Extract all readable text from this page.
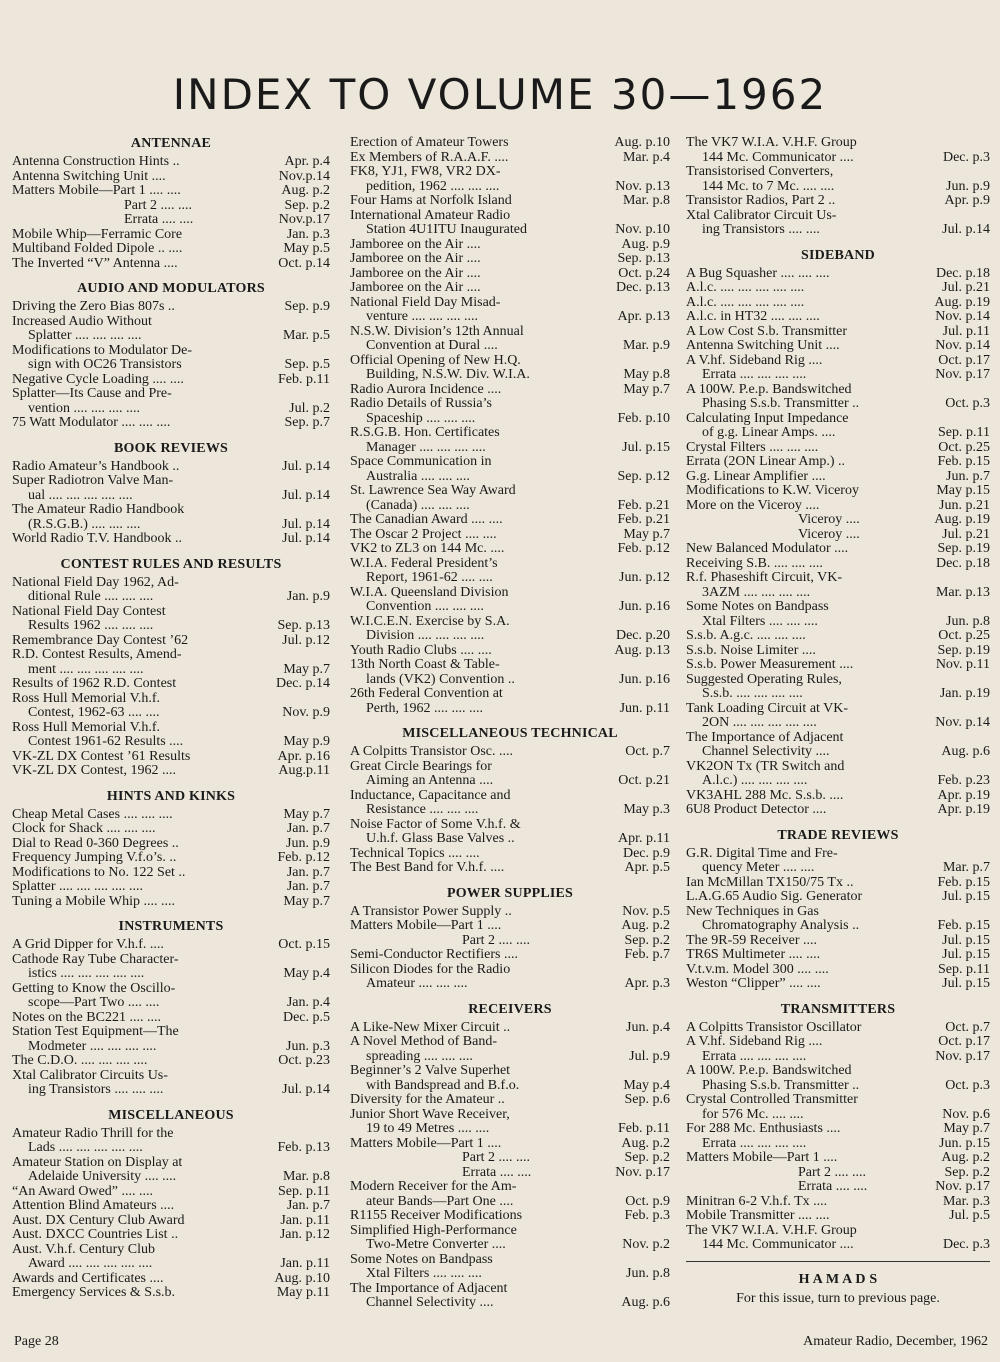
INDEX TO VOLUME 30—1962
ANTENNAE
Antenna Construction Hints ..	Apr. p.4
Antenna Switching Unit ....	Nov.p.14
Matters Mobile—Part 1 .... ....	Aug. p.2
Part 2 .... ....	Sep. p.2
Errata .... ....	Nov.p.17
Mobile Whip—Ferramic Core	Jan. p.3
Multiband Folded Dipole .. ....	May p.5
The Inverted “V” Antenna ....	Oct. p.14
AUDIO AND MODULATORS
Driving the Zero Bias 807s ..	Sep. p.9
Increased Audio Without
Splatter .... .... .... ....	Mar. p.5
Modifications to Modulator De-
sign with OC26 Transistors	Sep. p.5
Negative Cycle Loading .... ....	Feb. p.11
Splatter—Its Cause and Pre-
vention .... .... .... ....	Jul. p.2
75 Watt Modulator .... .... ....	Sep. p.7
BOOK REVIEWS
Radio Amateur’s Handbook ..	Jul. p.14
Super Radiotron Valve Man-
ual .... .... .... .... ....	Jul. p.14
The Amateur Radio Handbook
(R.S.G.B.) .... .... ....	Jul. p.14
World Radio T.V. Handbook ..	Jul. p.14
CONTEST RULES AND RESULTS
National Field Day 1962, Ad-
ditional Rule .... .... ....	Jan. p.9
National Field Day Contest
Results 1962 .... .... ....	Sep. p.13
Remembrance Day Contest ’62	Jul. p.12
R.D. Contest Results, Amend-
ment .... .... .... .... ....	May p.7
Results of 1962 R.D. Contest	Dec. p.14
Ross Hull Memorial V.h.f.
Contest, 1962-63 .... ....	Nov. p.9
Ross Hull Memorial V.h.f.
Contest 1961-62 Results ....	May p.9
VK-ZL DX Contest ’61 Results	Apr. p.16
VK-ZL DX Contest, 1962 ....	Aug.p.11
HINTS AND KINKS
Cheap Metal Cases .... .... ....	May p.7
Clock for Shack .... .... ....	Jan. p.7
Dial to Read 0-360 Degrees ..	Jun. p.9
Frequency Jumping V.f.o’s. ..	Feb. p.12
Modifications to No. 122 Set ..	Jan. p.7
Splatter .... .... .... .... ....	Jan. p.7
Tuning a Mobile Whip .... ....	May p.7
INSTRUMENTS
A Grid Dipper for V.h.f. ....	Oct. p.15
Cathode Ray Tube Character-
istics .... .... .... .... ....	May p.4
Getting to Know the Oscillo-
scope—Part Two .... ....	Jan. p.4
Notes on the BC221 .... ....	Dec. p.5
Station Test Equipment—The
Modmeter .... .... .... ....	Jun. p.3
The C.D.O. .... .... .... ....	Oct. p.23
Xtal Calibrator Circuits Us-
ing Transistors .... .... ....	Jul. p.14
MISCELLANEOUS
Amateur Radio Thrill for the
Lads .... .... .... .... ....	Feb. p.13
Amateur Station on Display at
Adelaide University .... ....	Mar. p.8
“An Award Owed” .... ....	Sep. p.11
Attention Blind Amateurs ....	Jan. p.7
Aust. DX Century Club Award	Jan. p.11
Aust. DXCC Countries List ..	Jan. p.12
Aust. V.h.f. Century Club
Award .... .... .... .... ....	Jan. p.11
Awards and Certificates ....	Aug. p.10
Emergency Services & S.s.b.	May p.11
Erection of Amateur Towers	Aug. p.10
Ex Members of R.A.A.F. ....	Mar. p.4
FK8, YJ1, FW8, VR2 DX-
pedition, 1962 .... .... ....	Nov. p.13
Four Hams at Norfolk Island	Mar. p.8
International Amateur Radio
Station 4U1ITU Inaugurated	Nov. p.10
Jamboree on the Air ....	Aug. p.9
Jamboree on the Air ....	Sep. p.13
Jamboree on the Air ....	Oct. p.24
Jamboree on the Air ....	Dec. p.13
National Field Day Misad-
venture .... .... .... ....	Apr. p.13
N.S.W. Division’s 12th Annual
Convention at Dural ....	Mar. p.9
Official Opening of New H.Q.
Building, N.S.W. Div. W.I.A.	May p.8
Radio Aurora Incidence ....	May p.7
Radio Details of Russia’s
Spaceship .... .... ....	Feb. p.10
R.S.G.B. Hon. Certificates
Manager .... .... .... ....	Jul. p.15
Space Communication in
Australia .... .... ....	Sep. p.12
St. Lawrence Sea Way Award
(Canada) .... .... ....	Feb. p.21
The Canadian Award .... ....	Feb. p.21
The Oscar 2 Project .... ....	May p.7
VK2 to ZL3 on 144 Mc. ....	Feb. p.12
W.I.A. Federal President’s
Report, 1961-62 .... ....	Jun. p.12
W.I.A. Queensland Division
Convention .... .... ....	Jun. p.16
W.I.C.E.N. Exercise by S.A.
Division .... .... .... ....	Dec. p.20
Youth Radio Clubs .... ....	Aug. p.13
13th North Coast & Table-
lands (VK2) Convention ..	Jun. p.16
26th Federal Convention at
Perth, 1962 .... .... ....	Jun. p.11
MISCELLANEOUS TECHNICAL
A Colpitts Transistor Osc. ....	Oct. p.7
Great Circle Bearings for
Aiming an Antenna ....	Oct. p.21
Inductance, Capacitance and
Resistance .... .... ....	May p.3
Noise Factor of Some V.h.f. &
U.h.f. Glass Base Valves ..	Apr. p.11
Technical Topics .... ....	Dec. p.9
The Best Band for V.h.f. ....	Apr. p.5
POWER SUPPLIES
A Transistor Power Supply ..	Nov. p.5
Matters Mobile—Part 1 ....	Aug. p.2
Part 2 .... ....	Sep. p.2
Semi-Conductor Rectifiers ....	Feb. p.7
Silicon Diodes for the Radio
Amateur .... .... ....	Apr. p.3
RECEIVERS
A Like-New Mixer Circuit ..	Jun. p.4
A Novel Method of Band-
spreading .... .... ....	Jul. p.9
Beginner’s 2 Valve Superhet
with Bandspread and B.f.o.	May p.4
Diversity for the Amateur ..	Sep. p.6
Junior Short Wave Receiver,
19 to 49 Metres .... ....	Feb. p.11
Matters Mobile—Part 1 ....	Aug. p.2
Part 2 .... ....	Sep. p.2
Errata .... ....	Nov. p.17
Modern Receiver for the Am-
ateur Bands—Part One ....	Oct. p.9
R1155 Receiver Modifications	Feb. p.3
Simplified High-Performance
Two-Metre Converter ....	Nov. p.2
Some Notes on Bandpass
Xtal Filters .... .... ....	Jun. p.8
The Importance of Adjacent
Channel Selectivity ....	Aug. p.6
The VK7 W.I.A. V.H.F. Group
144 Mc. Communicator ....	Dec. p.3
Transistorised Converters,
144 Mc. to 7 Mc. .... ....	Jun. p.9
Transistor Radios, Part 2 ..	Apr. p.9
Xtal Calibrator Circuit Us-
ing Transistors .... ....	Jul. p.14
SIDEBAND
A Bug Squasher .... .... ....	Dec. p.18
A.l.c. .... .... .... .... ....	Jul. p.21
A.l.c. .... .... .... .... ....	Aug. p.19
A.l.c. in HT32 .... .... ....	Nov. p.14
A Low Cost S.b. Transmitter	Jul. p.11
Antenna Switching Unit ....	Nov. p.14
A V.hf. Sideband Rig ....	Oct. p.17
Errata .... .... .... ....	Nov. p.17
A 100W. P.e.p. Bandswitched
Phasing S.s.b. Transmitter ..	Oct. p.3
Calculating Input Impedance
of g.g. Linear Amps. ....	Sep. p.11
Crystal Filters .... .... ....	Oct. p.25
Errata (2ON Linear Amp.) ..	Feb. p.15
G.g. Linear Amplifier ....	Jun. p.7
Modifications to K.W. Viceroy	May p.15
More on the Viceroy ....	Jun. p.21
Viceroy ....	Aug. p.19
Viceroy ....	Jul. p.21
New Balanced Modulator ....	Sep. p.19
Receiving S.B. .... .... ....	Dec. p.18
R.f. Phaseshift Circuit, VK-
3AZM .... .... .... ....	Mar. p.13
Some Notes on Bandpass
Xtal Filters .... .... ....	Jun. p.8
S.s.b. A.g.c. .... .... ....	Oct. p.25
S.s.b. Noise Limiter ....	Sep. p.19
S.s.b. Power Measurement ....	Nov. p.11
Suggested Operating Rules,
S.s.b. .... .... .... ....	Jan. p.19
Tank Loading Circuit at VK-
2ON .... .... .... .... ....	Nov. p.14
The Importance of Adjacent
Channel Selectivity ....	Aug. p.6
VK2ON Tx (TR Switch and
A.l.c.) .... .... .... ....	Feb. p.23
VK3AHL 288 Mc. S.s.b. ....	Apr. p.19
6U8 Product Detector ....	Apr. p.19
TRADE REVIEWS
G.R. Digital Time and Fre-
quency Meter .... ....	Mar. p.7
Ian McMillan TX150/75 Tx ..	Feb. p.15
L.A.G.65 Audio Sig. Generator	Jul. p.15
New Techniques in Gas
Chromatography Analysis ..	Feb. p.15
The 9R-59 Receiver ....	Jul. p.15
TR6S Multimeter .... ....	Jul. p.15
V.t.v.m. Model 300 .... ....	Sep. p.11
Weston “Clipper” .... ....	Jul. p.15
TRANSMITTERS
A Colpitts Transistor Oscillator	Oct. p.7
A V.hf. Sideband Rig ....	Oct. p.17
Errata .... .... .... ....	Nov. p.17
A 100W. P.e.p. Bandswitched
Phasing S.s.b. Transmitter ..	Oct. p.3
Crystal Controlled Transmitter
for 576 Mc. .... ....	Nov. p.6
For 288 Mc. Enthusiasts ....	May p.7
Errata .... .... .... ....	Jun. p.15
Matters Mobile—Part 1 ....	Aug. p.2
Part 2 .... ....	Sep. p.2
Errata .... ....	Nov. p.17
Minitran 6-2 V.h.f. Tx ....	Mar. p.3
Mobile Transmitter .... ....	Jul. p.5
The VK7 W.I.A. V.H.F. Group
144 Mc. Communicator ....	Dec. p.3
H A M A D S
For this issue, turn to previous page.
Page 28	Amateur Radio, December, 1962
